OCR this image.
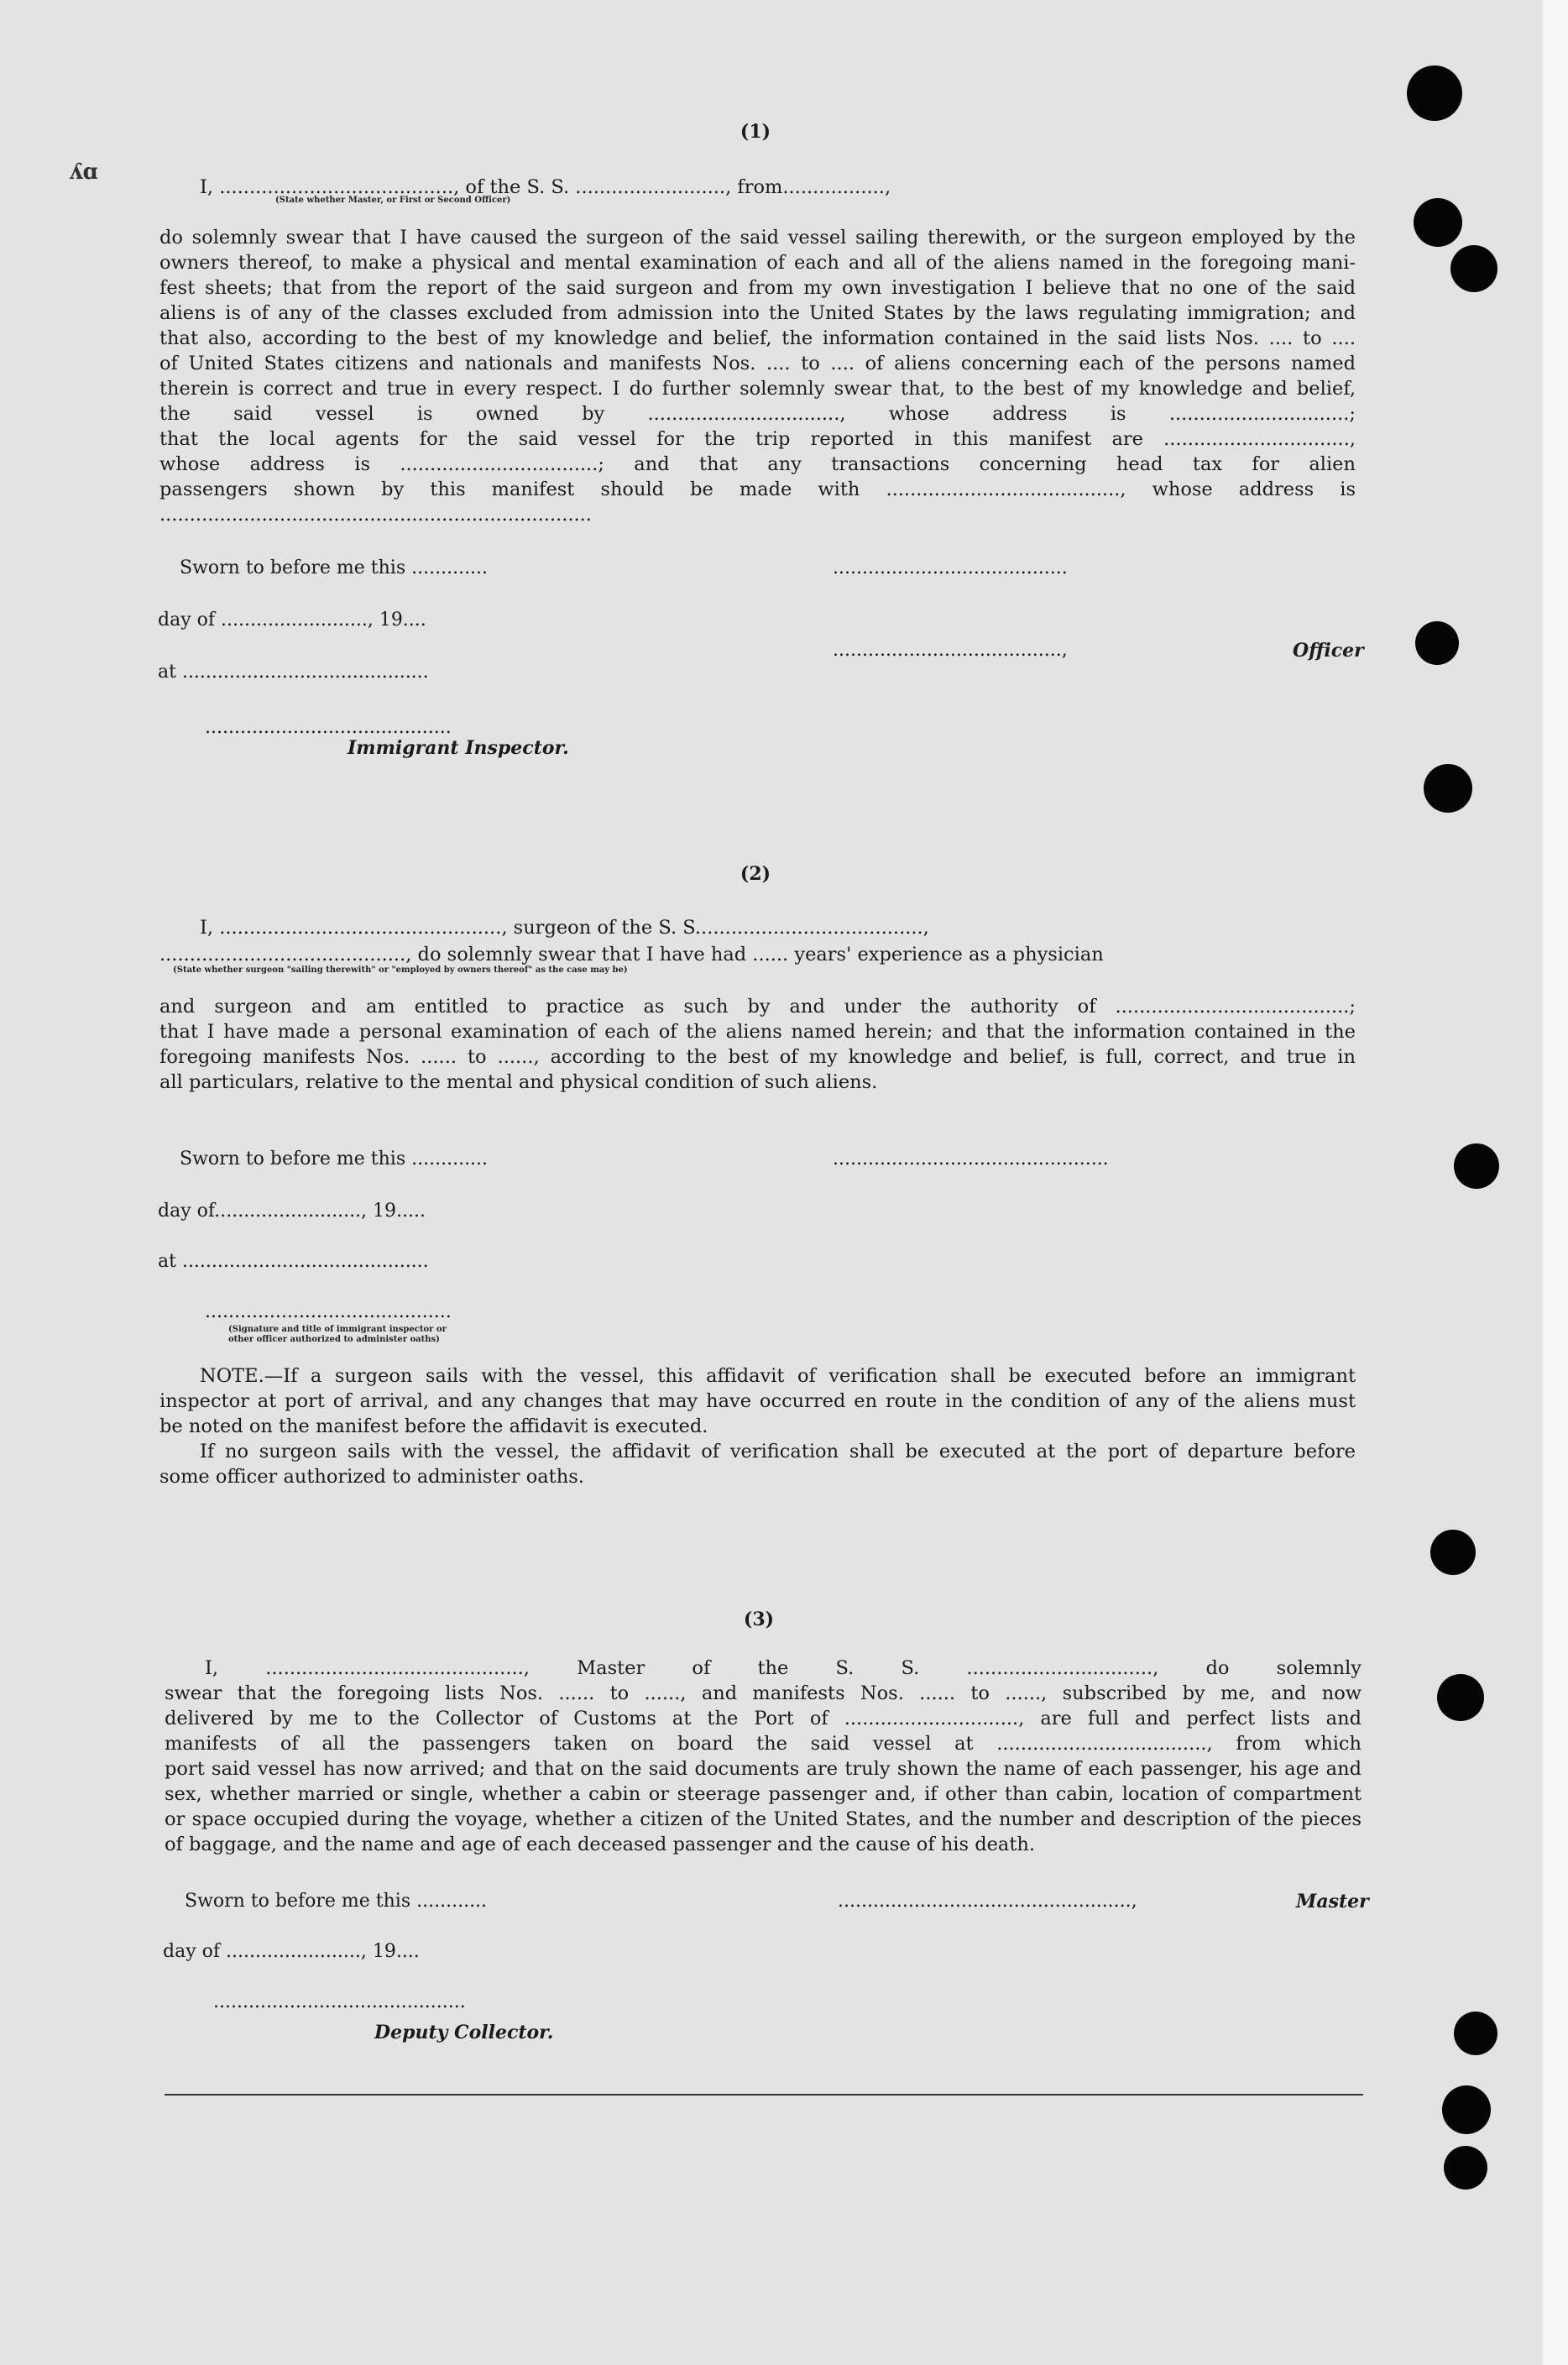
ʎɑ
(1)
I, ......................................., of the S. S. ........................., from.................,
(State whether Master, or First or Second Officer)
do solemnly swear that I have caused the surgeon of the said vessel sailing therewith, or the surgeon employed by the
owners thereof, to make a physical and mental examination of each and all of the aliens named in the foregoing mani-
fest sheets; that from the report of the said surgeon and from my own investigation I believe that no one of the said
aliens is of any of the classes excluded from admission into the United States by the laws regulating immigration; and
that also, according to the best of my knowledge and belief, the information contained in the said lists Nos. .... to ....
of United States citizens and nationals and manifests Nos. .... to .... of aliens concerning each of the persons named
therein is correct and true in every respect. I do further solemnly swear that, to the best of my knowledge and belief,
the said vessel is owned by ................................, whose address is ..............................;
that the local agents for the said vessel for the trip reported in this manifest are ...............................,
whose address is .................................; and that any transactions concerning head tax for alien
passengers shown by this manifest should be made with ......................................., whose address is
........................................................................
Sworn to before me this .............	........................................
day of ........................., 19....
at ..........................................
.......................................,	Officer
..........................................
Immigrant Inspector.
(2)
I, ..............................................., surgeon of the S. S......................................,
........................................., do solemnly swear that I have had ...... years' experience as a physician
(State whether surgeon "sailing therewith" or "employed by owners thereof" as the case may be)
and surgeon and am entitled to practice as such by and under the authority of .......................................;
that I have made a personal examination of each of the aliens named herein; and that the information contained in the
foregoing manifests Nos. ...... to ......, according to the best of my knowledge and belief, is full, correct, and true in
all particulars, relative to the mental and physical condition of such aliens.
Sworn to before me this .............	...............................................
day of........................., 19.....
at ..........................................
..........................................
(Signature and title of immigrant inspector or
other officer authorized to administer oaths)
NOTE.—If a surgeon sails with the vessel, this affidavit of verification shall be executed before an immigrant
inspector at port of arrival, and any changes that may have occurred en route in the condition of any of the aliens must
be noted on the manifest before the affidavit is executed.
If no surgeon sails with the vessel, the affidavit of verification shall be executed at the port of departure before
some officer authorized to administer oaths.
(3)
I, ..........................................., Master of the S. S. ..............................., do solemnly
swear that the foregoing lists Nos. ...... to ......, and manifests Nos. ...... to ......, subscribed by me, and now
delivered by me to the Collector of Customs at the Port of ............................., are full and perfect lists and
manifests of all the passengers taken on board the said vessel at ..................................., from which
port said vessel has now arrived; and that on the said documents are truly shown the name of each passenger, his age and
sex, whether married or single, whether a cabin or steerage passenger and, if other than cabin, location of compartment
or space occupied during the voyage, whether a citizen of the United States, and the number and description of the pieces
of baggage, and the name and age of each deceased passenger and the cause of his death.
Sworn to before me this ............	..................................................,	Master
day of ......................., 19....
...........................................
Deputy Collector.
